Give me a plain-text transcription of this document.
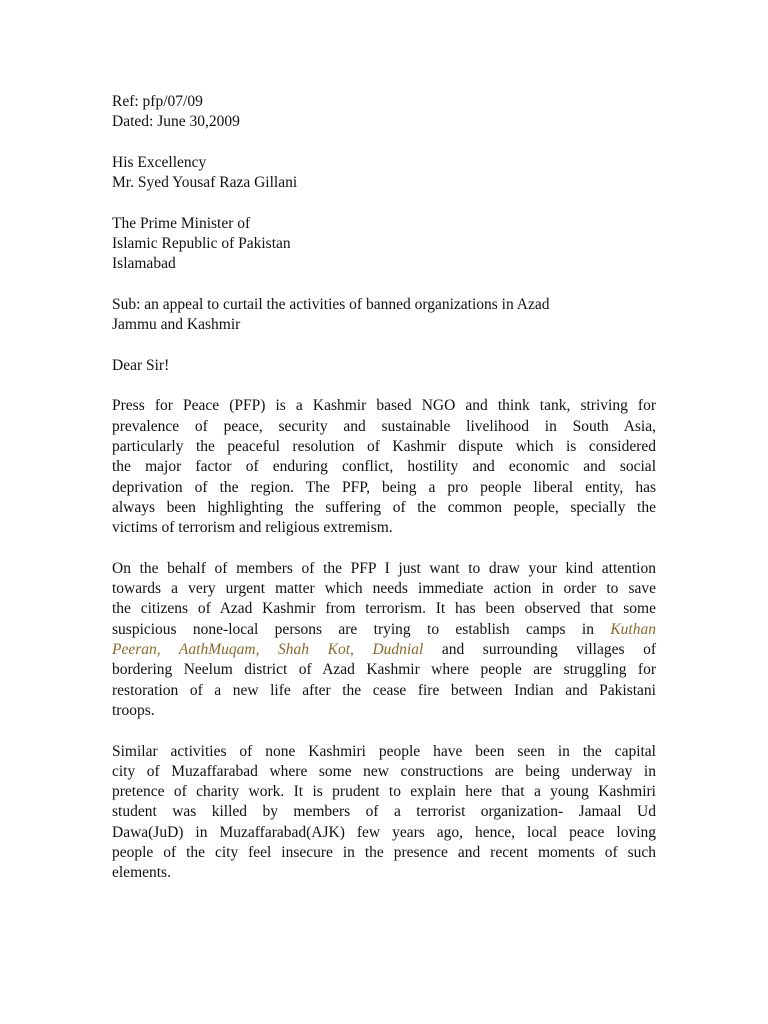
Ref: pfp/07/09
Dated: June 30,2009
His Excellency
Mr. Syed Yousaf Raza Gillani
The Prime Minister of
Islamic Republic of Pakistan
Islamabad
Sub: an appeal to curtail the activities of banned organizations in Azad
Jammu and Kashmir
Dear Sir!
Press for Peace (PFP) is a Kashmir based NGO and think tank, striving for
prevalence of peace, security and sustainable livelihood in South Asia,
particularly the peaceful resolution of Kashmir dispute which is considered
the major factor of enduring conflict, hostility and economic and social
deprivation of the region. The PFP, being a pro people liberal entity, has
always been highlighting the suffering of the common people, specially the
victims of terrorism and religious extremism.
On the behalf of members of the PFP I just want to draw your kind attention
towards a very urgent matter which needs immediate action in order to save
the citizens of Azad Kashmir from terrorism. It has been observed that some
suspicious none-local persons are trying to establish camps in Kuthan
Peeran, AathMuqam, Shah Kot, Dudnial and surrounding villages of
bordering Neelum district of Azad Kashmir where people are struggling for
restoration of a new life after the cease fire between Indian and Pakistani
troops.
Similar activities of none Kashmiri people have been seen in the capital
city of Muzaffarabad where some new constructions are being underway in
pretence of charity work. It is prudent to explain here that a young Kashmiri
student was killed by members of a terrorist organization- Jamaal Ud
Dawa(JuD) in Muzaffarabad(AJK) few years ago, hence, local peace loving
people of the city feel insecure in the presence and recent moments of such
elements.
